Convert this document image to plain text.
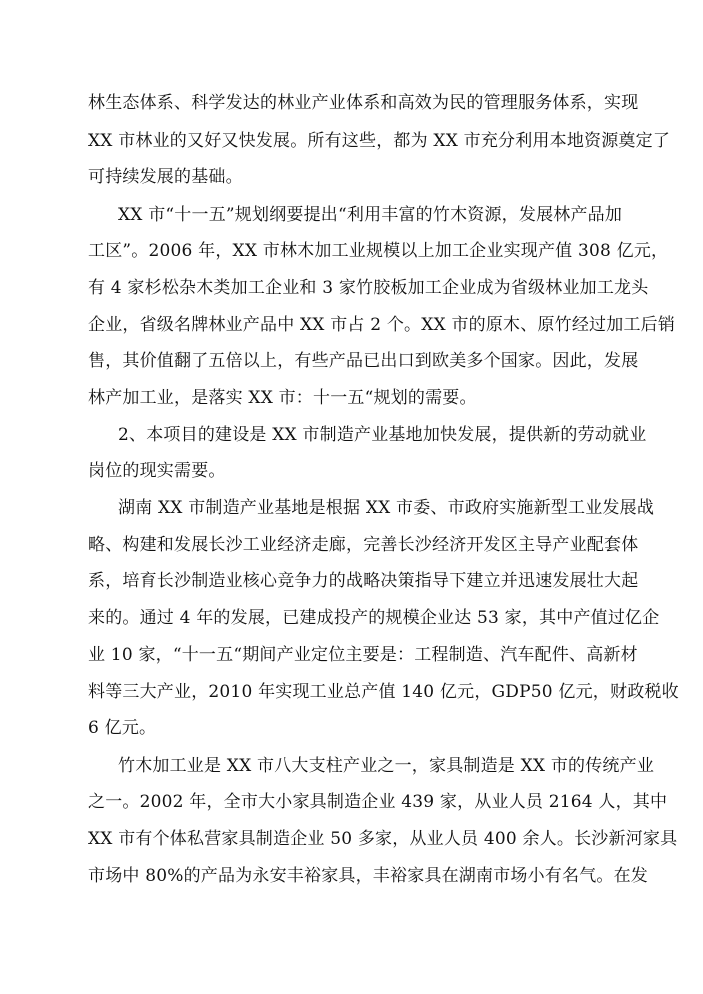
林生态体系、科学发达的林业产业体系和高效为民的管理服务体系，实现
XX 市林业的又好又快发展。所有这些，都为 XX 市充分利用本地资源奠定了
可持续发展的基础。
XX 市“十一五”规划纲要提出“利用丰富的竹木资源，发展林产品加
工区”。2006 年，XX 市林木加工业规模以上加工企业实现产值 308 亿元，
有 4 家杉松杂木类加工企业和 3 家竹胶板加工企业成为省级林业加工龙头
企业，省级名牌林业产品中 XX 市占 2 个。XX 市的原木、原竹经过加工后销
售，其价值翻了五倍以上，有些产品已出口到欧美多个国家。因此，发展
林产加工业，是落实 XX 市：十一五“规划的需要。
2、本项目的建设是 XX 市制造产业基地加快发展，提供新的劳动就业
岗位的现实需要。
湖南 XX 市制造产业基地是根据 XX 市委、市政府实施新型工业发展战
略、构建和发展长沙工业经济走廊，完善长沙经济开发区主导产业配套体
系，培育长沙制造业核心竞争力的战略决策指导下建立并迅速发展壮大起
来的。通过 4 年的发展，已建成投产的规模企业达 53 家，其中产值过亿企
业 10 家，“十一五“期间产业定位主要是：工程制造、汽车配件、高新材
料等三大产业，2010 年实现工业总产值 140 亿元，GDP50 亿元，财政税收
6 亿元。
竹木加工业是 XX 市八大支柱产业之一，家具制造是 XX 市的传统产业
之一。2002 年，全市大小家具制造企业 439 家，从业人员 2164 人，其中
XX 市有个体私营家具制造企业 50 多家，从业人员 400 余人。长沙新河家具
市场中 80%的产品为永安丰裕家具，丰裕家具在湖南市场小有名气。在发
